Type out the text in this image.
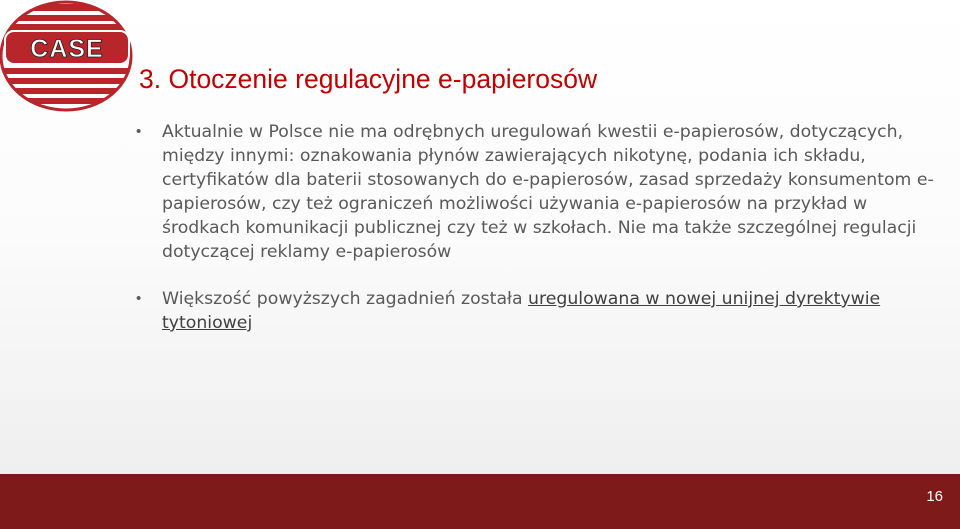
CASE
3. Otoczenie regulacyjne e-papierosów
• Aktualnie w Polsce nie ma odrębnych uregulowań kwestii e-papierosów, dotyczących, między innymi: oznakowania płynów zawierających nikotynę, podania ich składu, certyfikatów dla baterii stosowanych do e-papierosów, zasad sprzedaży konsumentom e-papierosów, czy też ograniczeń możliwości używania e-papierosów na przykład w środkach komunikacji publicznej czy też w szkołach. Nie ma także szczególnej regulacji dotyczącej reklamy e-papierosów
• Większość powyższych zagadnień została uregulowana w nowej unijnej dyrektywie tytoniowej
16
